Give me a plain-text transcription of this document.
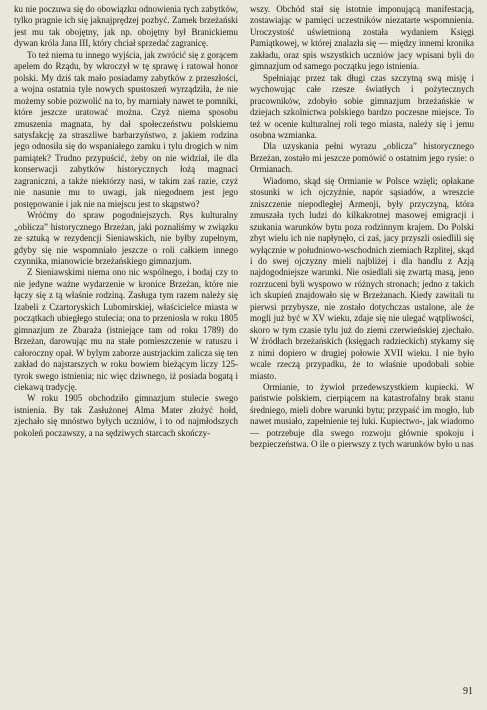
ku nie poczuwa się do obowiązku odnowienia tych zabytków, tylko pragnie ich się jaknajprędzej pozbyć. Zamek brzeżański jest mu tak obojętny, jak np. obojętny był Branickiemu dywan króla Jana III, który chciał sprzedać zagranicę.

To też niema tu innego wyjścia, jak zwrócić się z gorącem apelem do Rządu, by wkroczył w tę sprawę i ratował honor polski. My dziś tak mało posiadamy zabytków z przeszłości, a wojna ostatnia tyle nowych spustoszeń wyrządziła, że nie możemy sobie pozwolić na to, by marniały nawet te pomniki, które jeszcze uratować można. Czyż niema sposobu zmuszenia magnata, by dał społeczeństwu polskiemu satysfakcję za straszliwe barbarzyństwo, z jakiem rodzina jego odnosiła się do wspaniałego zamku i tylu drogich w nim pamiątek? Trudno przypuścić, żeby on nie widział, ile dla konserwacji zabytków historycznych łożą magnaci zagraniczni, a także niektórzy nasi, w takim zaś razie, czyż nie nasunie mu to uwagi, jak niegodnem jest jego postępowanie i jak nie na miejscu jest to skąpstwo?

Wróćmy do spraw pogodniejszych. Rys kulturalny „oblicza” historycznego Brzeżan, jaki poznaliśmy w związku ze sztuką w rezydencji Sieniawskich, nie byłby zupełnym, gdyby się nie wspomniało jeszcze o roli całkiem innego czynnika, mianowicie brzeżańskiego gimnazjum.

Z Sieniawskimi niema ono nic wspólnego, i bodaj czy to nie jedyne ważne wydarzenie w kronice Brzeżan, które nie łączy się z tą właśnie rodziną. Zasługa tym razem należy się Izabeli z Czartoryskich Lubomirskiej, właścicielce miasta w początkach ubiegłego stulecia; ona to przeniosła w roku 1805 gimnazjum ze Zbaraża (istniejące tam od roku 1789) do Brzeżan, darowując mu na stałe pomieszczenie w ratuszu i całoroczny opał. W bylym zaborze austrjackim zalicza się ten zakład do najstarszych w roku bowiem bieżącym liczy 125-tyrok swego istnienia; nic więc dziwnego, iż posiada bogatą i ciekawą tradycję.

W roku 1905 obchodziło gimnazjum stulecie swego istnienia. By tak Zasłużonej Alma Mater złożyć hołd, zjechało się mnóstwo byłych uczniów, i to od najmłodszych pokoleń poczawszy, a na sędziwych starcach skończy-

wszy. Obchód stał się istotnie imponującą manifestacją, zostawiając w pamięci uczestników niezatarte wspomnienia. Uroczystość uświetnioną została wydaniem Księgi Pamiątkowej, w której znalazła się — między innemi kronika zakładu, oraz spis wszystkich uczniów jacy wpisani byli do gimnazjum od samego początku jego istnienia.

Spełniając przez tak długi czas szczytną swą misję i wychowując całe rzesze światłych i pożytecznych pracowników, zdobyło sobie gimnazjum brzeżańskie w dziejach szkolnictwa polskiego bardzo poczesne miejsce. To też w ocenie kulturalnej roli tego miasta, należy się i jemu osobna wzmianka.

Dla uzyskania pełni wyrazu „oblicza” historycznego Brzeżan, zostało mi jeszcze pomówić o ostatnim jego rysie: o Ormianach.

Wiadomo, skąd się Ormianie w Polsce wzięli; opłakane stosunki w ich ojczyźnie, napór sąsiadów, a wreszcie zniszczenie niepodległej Armenji, były przyczyną, która zmuszała tych ludzi do kilkakrotnej masowej emigracji i szukania warunków bytu poza rodzinnym krajem. Do Polski zbyt wielu ich nie napłynęło, ci zaś, jacy przyszli osiedlili się wyłącznie w południowo-wschodnich ziemiach Rzplitej, skąd i do swej ojczyzny mieli najbliżej i dla handlu z Azją najdogodniejsze warunki. Nie osiedlali się zwartą masą, jeno rozrzuceni byli wyspowo w różnych stronach; jedno z takich ich skupień znajdowało się w Brzeżanach. Kiedy zawitali tu pierwsi przybysze, nie zostało dotychczas ustalone, ale że mogli już być w XV wieku, zdaje się nie ulegać wątpliwości, skoro w tym czasie tylu już do ziemi czerwieńskiej zjechało. W źródłach brzeżańskich (księgach radzieckich) stykamy się z nimi dopiero w drugiej połowie XVII wieku. I nie było wcale rzeczą przypadku, że to właśnie upodobali sobie miasto.

Ormianie, to żywioł przedewszystkiem kupiecki. W państwie polskiem, cierpiącem na katastrofalny brak stanu średniego, mieli dobre warunki bytu; przypaść im mogło, lub nawet musiało, zapełnienie tej luki. Kupiectwo-, jak wiadomo — potrzebuje dla swego rozwoju głównie spokoju i bezpieczeństwa. O ile o pierwszy z tych warunków było u nas

91
